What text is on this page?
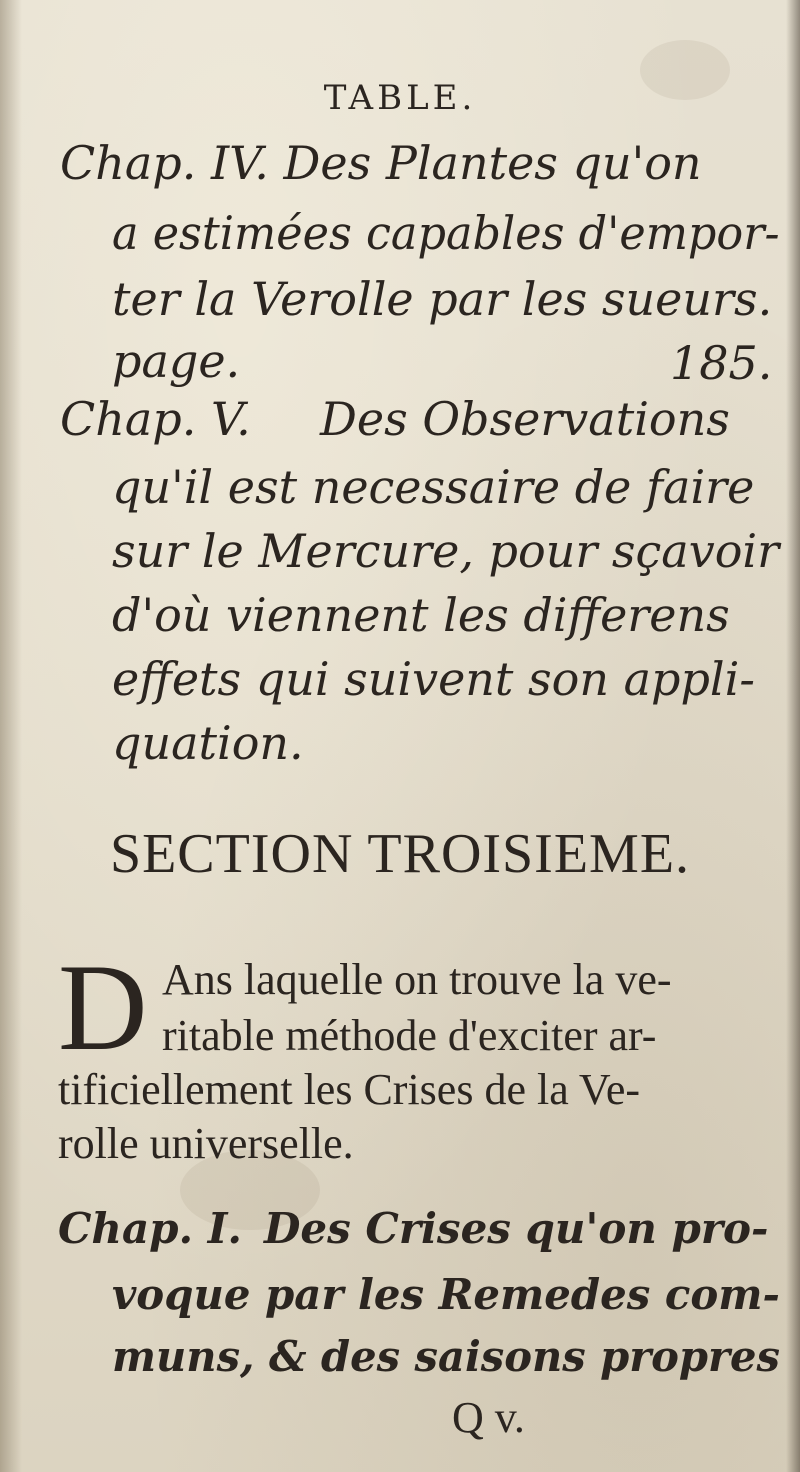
TABLE.
Chap. IV. Des Plantes qu'on
a estimées capables d'empor-
ter la Verolle par les sueurs.
page.	185.
Chap. V. Des Observations
qu'il est necessaire de faire
sur le Mercure, pour sçavoir
d'où viennent les differens
effets qui suivent son appli-
quation.
SECTION TROISIEME.
D Ans laquelle on trouve la ve-
ritable méthode d'exciter ar-
tificiellement les Crises de la Ve-
rolle universelle.
Chap. I. Des Crises qu'on pro-
voque par les Remedes com-
muns, & des saisons propres
Q v.
